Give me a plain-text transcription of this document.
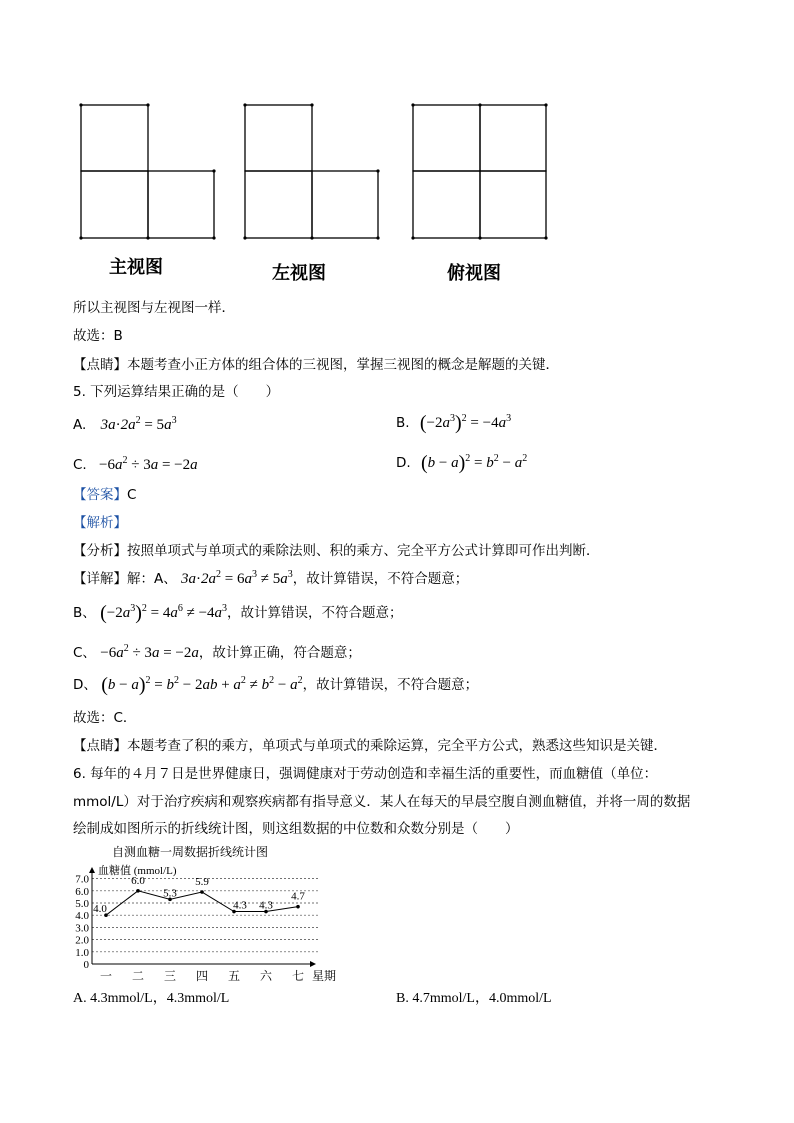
主视图	左视图	俯视图
所以主视图与左视图一样．
故选：B
【点睛】本题考查小正方体的组合体的三视图，掌握三视图的概念是解题的关键．
5. 下列运算结果正确的是（　　）
A. $3a\cdot 2a^2 = 5a^3$	B. $(-2a^3)^2 = -4a^3$
C. $-6a^2 \div 3a = -2a$	D. $(b - a)^2 = b^2 - a^2$
【答案】C
【解析】
【分析】按照单项式与单项式的乘除法则、积的乘方、完全平方公式计算即可作出判断．
【详解】解：A、 $3a\cdot 2a^2 = 6a^3 \ne 5a^3$，故计算错误，不符合题意；
B、 $(-2a^3)^2 = 4a^6 \ne -4a^3$，故计算错误，不符合题意；
C、 $-6a^2 \div 3a = -2a$，故计算正确，符合题意；
D、 $(b - a)^2 = b^2 - 2ab + a^2 \ne b^2 - a^2$，故计算错误，不符合题意；
故选：C．
【点睛】本题考查了积的乘方，单项式与单项式的乘除运算，完全平方公式，熟悉这些知识是关键．
6. 每年的４月７日是世界健康日，强调健康对于劳动创造和幸福生活的重要性，而血糖值（单位：
mmol/L）对于治疗疾病和观察疾病都有指导意义．某人在每天的早晨空腹自测血糖值，并将一周的数据
绘制成如图所示的折线统计图，则这组数据的中位数和众数分别是（　　）
自测血糖一周数据折线统计图
血糖值 (mmol/L)
0
1.0
2.0
3.0
4.0
5.0
6.0
7.0
一 二 三 四 五 六 七 星期
4.0
6.0
5.3
5.9
4.3 4.3
4.7
A. 4.3mmol/L，4.3mmol/L	B. 4.7mmol/L，4.0mmol/L
